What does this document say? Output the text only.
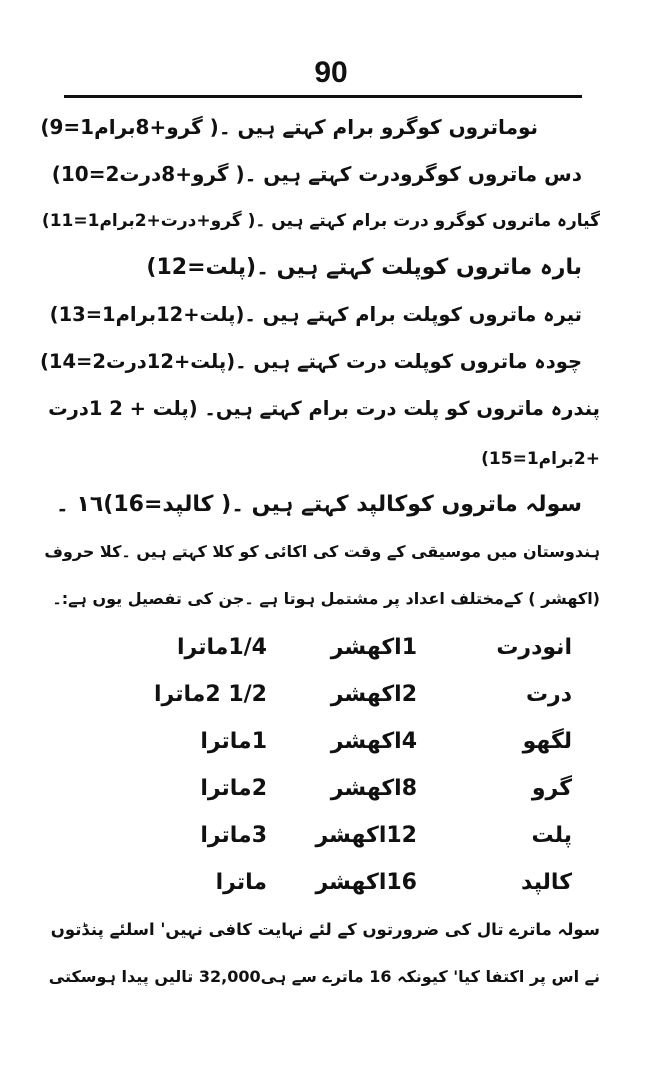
90
نوماتروں کوگرو برام کہتے ہیں ۔( گرو+8برام1=9)
دس ماتروں کوگرودرت کہتے ہیں ۔( گرو+8درت2=10)
گیارہ ماتروں کوگرو درت برام کہتے ہیں ۔( گرو+درت+2برام1=11)
بارہ ماتروں کوپلت کہتے ہیں ۔(پلت=12)
تیرہ ماتروں کوپلت برام کہتے ہیں ۔(پلت+12برام1=13)
چودہ ماتروں کوپلت درت کہتے ہیں ۔(پلت+12درت2=14)
پندرہ ماتروں کو پلت درت برام کہتے ہیں۔ (پلت + 2 1درت
+2برام1=15)
سولہ ماتروں کوکالپد کہتے ہیں ۔( کالپد=16)١٦ ۔
ہندوستان میں موسیقی کے وقت کی اکائی کو کلا کہتے ہیں ۔کلا حروف
(اکھشر ) کےمختلف اعداد پر مشتمل ہوتا ہے ۔جن کی تفصیل یوں ہے:۔
انودرت
1اکھشر
1/4ماترا
درت
2اکھشر
1/2 2ماترا
لگھو
4اکھشر
1ماترا
گرو
8اکھشر
2ماترا
پلت
12اکھشر
3ماترا
کالپد
16اکھشر
ماترا
سولہ ماترے تال کی ضرورتوں کے لئے نہایت کافی نہیں' اسلئے پنڈتوں
نے اس پر اکتفا کیا' کیونکہ 16 ماترے سے ہی32,000 تالیں پیدا ہوسکتی
